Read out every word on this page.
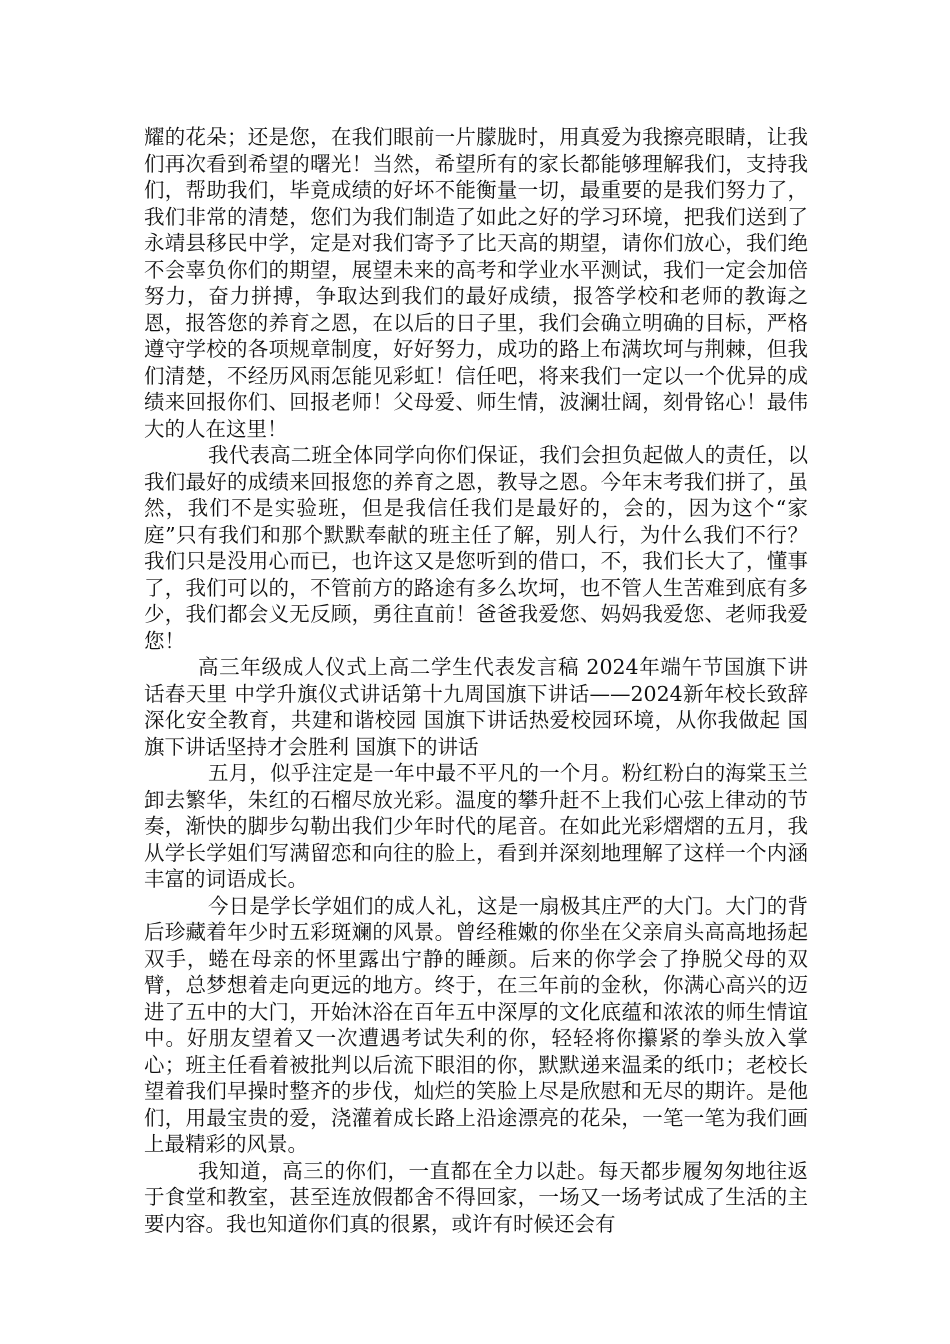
耀的花朵；还是您，在我们眼前一片朦胧时，用真爱为我擦亮眼睛，让我们再次看到希望的曙光！当然，希望所有的家长都能够理解我们，支持我们，帮助我们，毕竟成绩的好坏不能衡量一切，最重要的是我们努力了，我们非常的清楚，您们为我们制造了如此之好的学习环境，把我们送到了永靖县移民中学，定是对我们寄予了比天高的期望，请你们放心，我们绝不会辜负你们的期望，展望未来的高考和学业水平测试，我们一定会加倍努力，奋力拼搏，争取达到我们的最好成绩，报答学校和老师的教诲之恩，报答您的养育之恩，在以后的日子里，我们会确立明确的目标，严格遵守学校的各项规章制度，好好努力，成功的路上布满坎坷与荆棘，但我们清楚，不经历风雨怎能见彩虹！信任吧，将来我们一定以一个优异的成绩来回报你们、回报老师！父母爱、师生情，波澜壮阔，刻骨铭心！最伟大的人在这里！

我代表高二班全体同学向你们保证，我们会担负起做人的责任，以我们最好的成绩来回报您的养育之恩，教导之恩。今年末考我们拼了，虽然，我们不是实验班，但是我信任我们是最好的，会的，因为这个“家庭”只有我们和那个默默奉献的班主任了解，别人行，为什么我们不行？我们只是没用心而已，也许这又是您听到的借口，不，我们长大了，懂事了，我们可以的，不管前方的路途有多么坎坷，也不管人生苦难到底有多少，我们都会义无反顾，勇往直前！爸爸我爱您、妈妈我爱您、老师我爱您！

高三年级成人仪式上高二学生代表发言稿 2024年端午节国旗下讲话春天里 中学升旗仪式讲话第十九周国旗下讲话——2024新年校长致辞深化安全教育，共建和谐校园 国旗下讲话热爱校园环境，从你我做起 国旗下讲话坚持才会胜利 国旗下的讲话

五月，似乎注定是一年中最不平凡的一个月。粉红粉白的海棠玉兰卸去繁华，朱红的石榴尽放光彩。温度的攀升赶不上我们心弦上律动的节奏，渐快的脚步勾勒出我们少年时代的尾音。在如此光彩熠熠的五月，我从学长学姐们写满留恋和向往的脸上，看到并深刻地理解了这样一个内涵丰富的词语成长。

今日是学长学姐们的成人礼，这是一扇极其庄严的大门。大门的背后珍藏着年少时五彩斑斓的风景。曾经稚嫩的你坐在父亲肩头高高地扬起双手，蜷在母亲的怀里露出宁静的睡颜。后来的你学会了挣脱父母的双臂，总梦想着走向更远的地方。终于，在三年前的金秋，你满心高兴的迈进了五中的大门，开始沐浴在百年五中深厚的文化底蕴和浓浓的师生情谊中。好朋友望着又一次遭遇考试失利的你，轻轻将你攥紧的拳头放入掌心；班主任看着被批判以后流下眼泪的你，默默递来温柔的纸巾；老校长望着我们早操时整齐的步伐，灿烂的笑脸上尽是欣慰和无尽的期许。是他们，用最宝贵的爱，浇灌着成长路上沿途漂亮的花朵，一笔一笔为我们画上最精彩的风景。

我知道，高三的你们，一直都在全力以赴。每天都步履匆匆地往返于食堂和教室，甚至连放假都舍不得回家，一场又一场考试成了生活的主要内容。我也知道你们真的很累，或许有时候还会有
